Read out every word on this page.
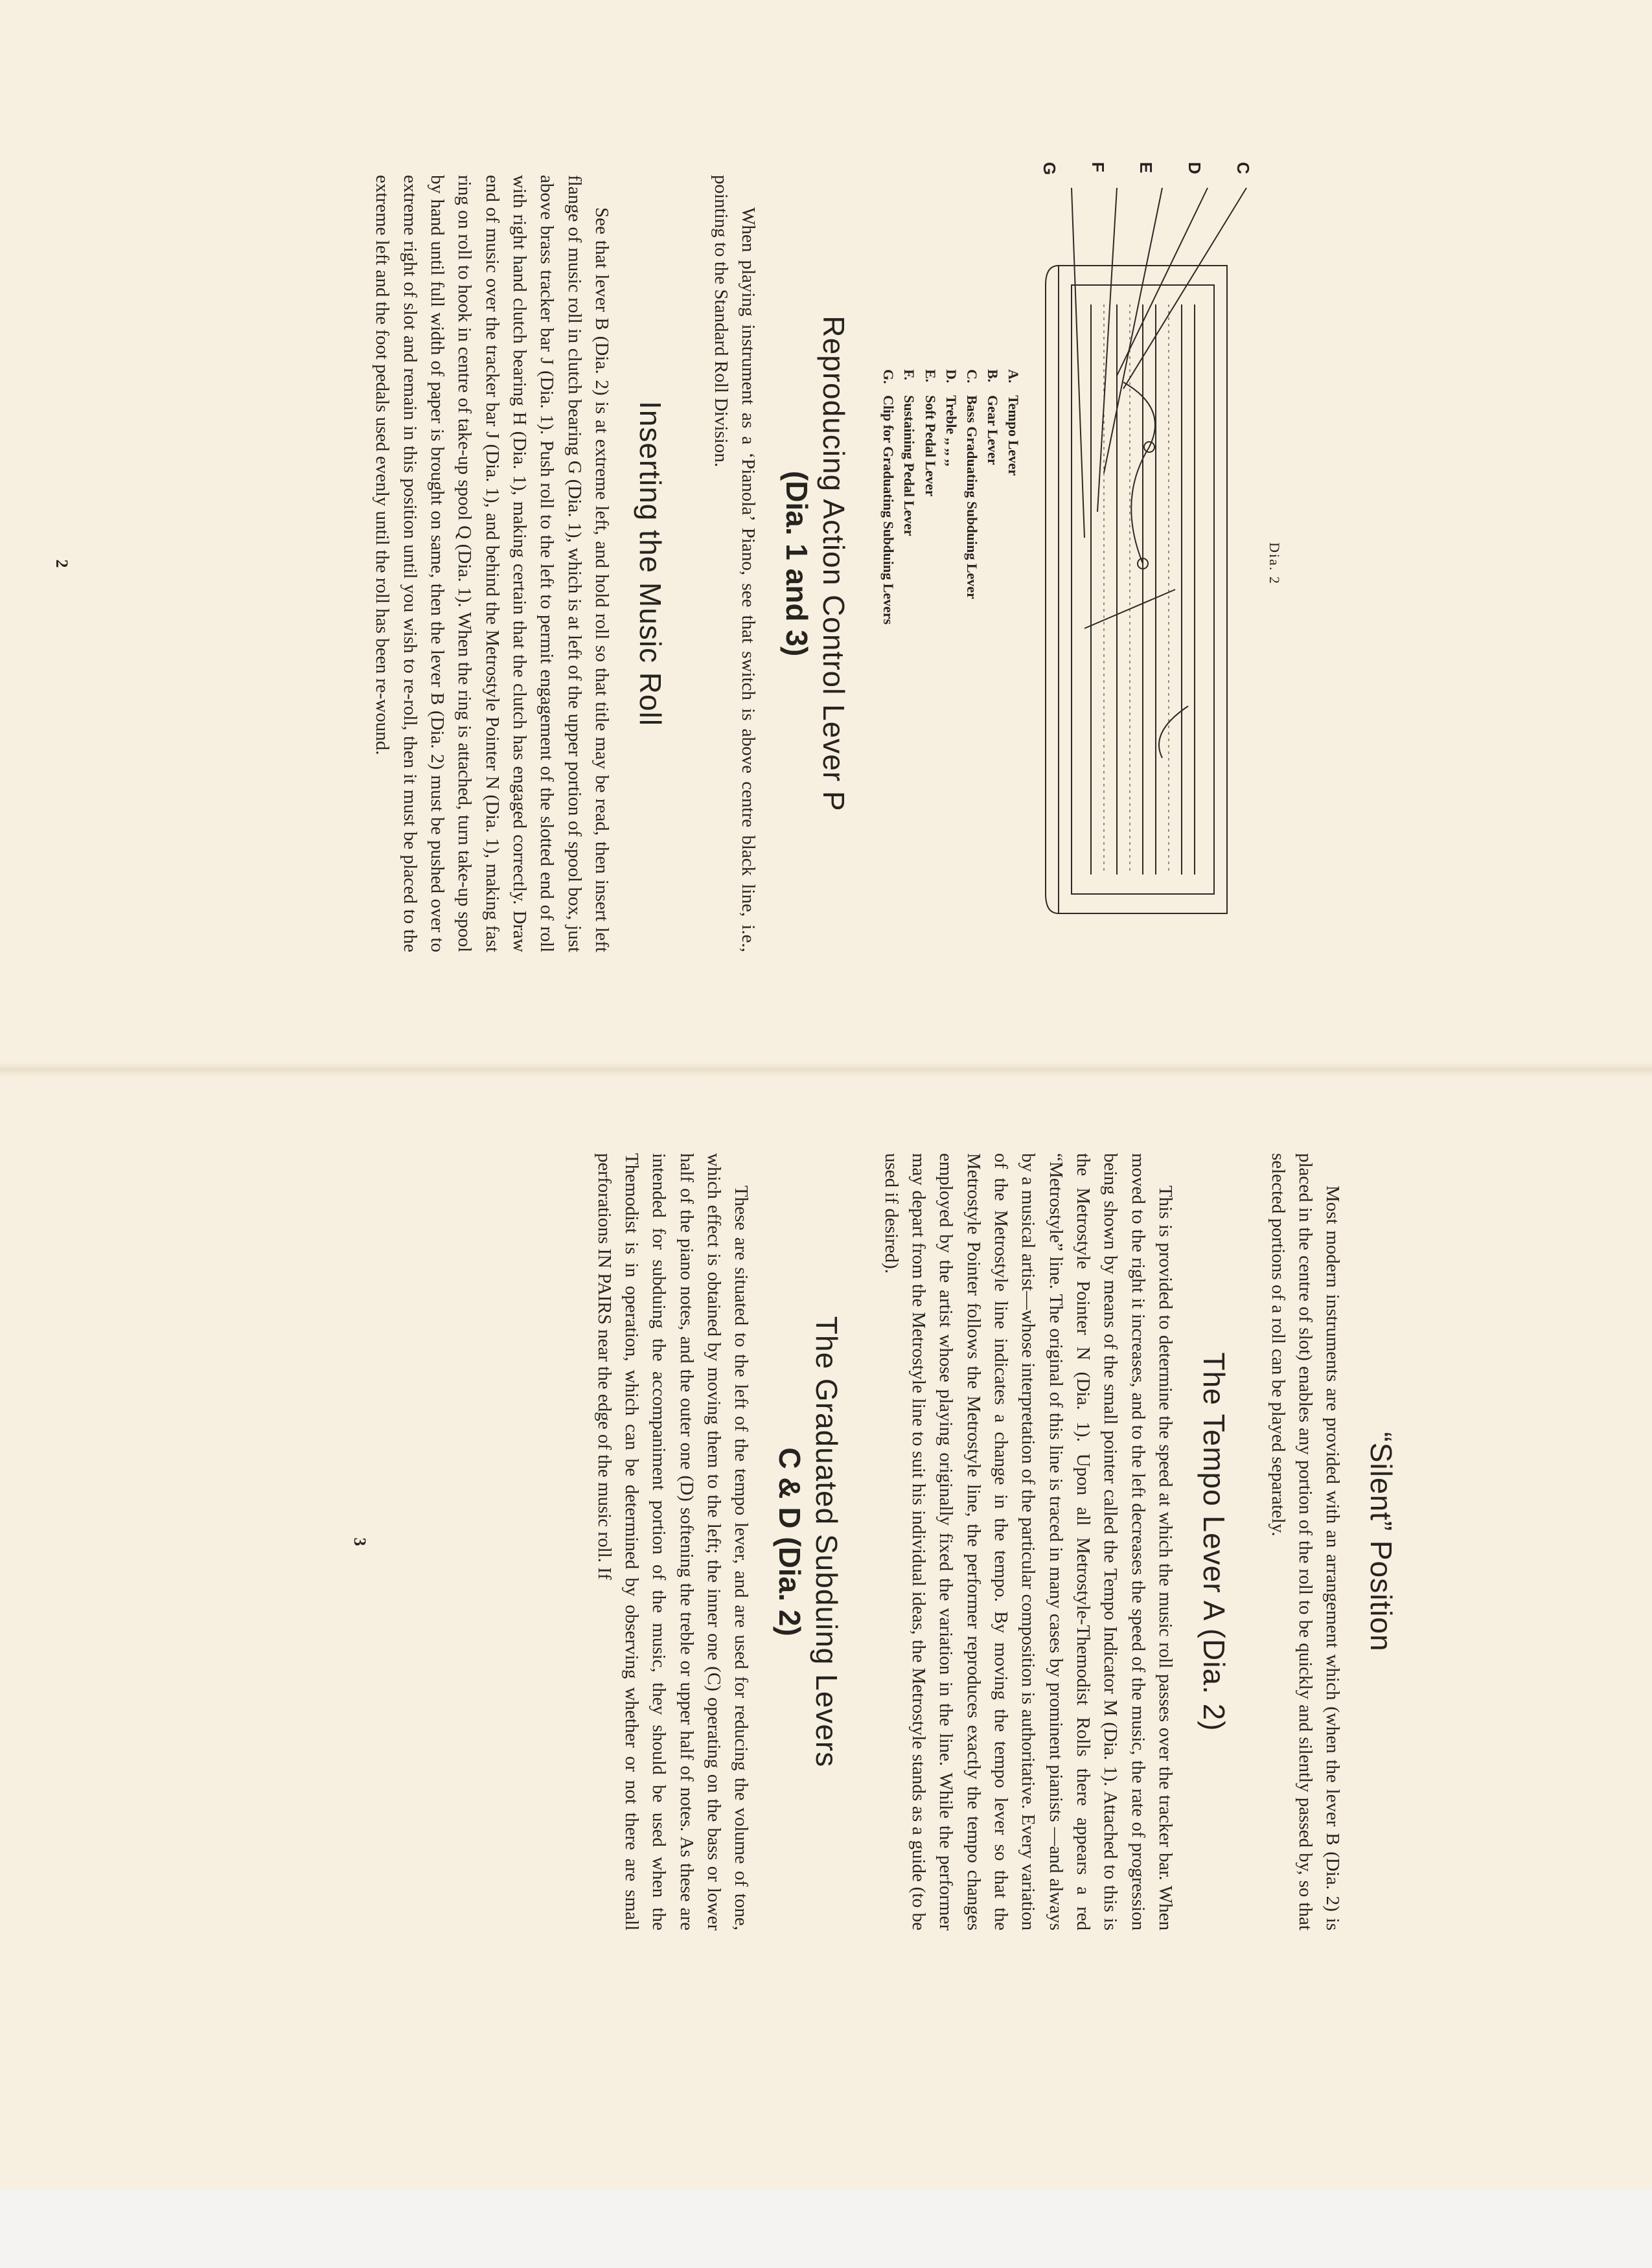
Dia. 2

C
D
E
F
G
A.
Tempo Lever
B.
Gear Lever
C.
Bass Graduating Subduing Lever
D.
Treble ,, ,, ,,
E.
Soft Pedal Lever
F.
Sustaining Pedal Lever
G.
Clip for Graduating Subduing Levers
Reproducing Action Control Lever P
(Dia. 1 and 3)

When playing instrument as a ‘Pianola’ Piano, see that switch is above centre black line, i.e., pointing to the Standard Roll Division.

Inserting the Music Roll

See that lever B (Dia. 2) is at extreme left, and hold roll so that title may be read, then insert left flange of music roll in clutch bearing G (Dia. 1), which is at left of the upper portion of spool box, just above brass tracker bar J (Dia. 1). Push roll to the left to permit engagement of the slotted end of roll with right hand clutch bearing H (Dia. 1), making certain that the clutch has engaged correctly. Draw end of music over the tracker bar J (Dia. 1), and behind the Metrostyle Pointer N (Dia. 1), making fast ring on roll to hook in centre of take-up spool Q (Dia. 1). When the ring is attached, turn take-up spool by hand until full width of paper is brought on same, then the lever B (Dia. 2) must be pushed over to extreme right of slot and remain in this position until you wish to re-roll, then it must be placed to the extreme left and the foot pedals used evenly until the roll has been re-wound.

2
“Silent” Position

Most modern instruments are provided with an arrangement which (when the lever B (Dia. 2) is placed in the centre of slot) enables any portion of the roll to be quickly and silently passed by, so that selected portions of a roll can be played separately.

The Tempo Lever A (Dia. 2)

This is provided to determine the speed at which the music roll passes over the tracker bar. When moved to the right it increases, and to the left decreases the speed of the music, the rate of progression being shown by means of the small pointer called the Tempo Indicator M (Dia. 1). Attached to this is the Metrostyle Pointer N (Dia. 1). Upon all Metrostyle-Themodist Rolls there appears a red “Metrostyle” line. The original of this line is traced in many cases by prominent pianists —and always by a musical artist—whose interpretation of the particular composition is authoritative. Every variation of the Metrostyle line indicates a change in the tempo. By moving the tempo lever so that the Metrostyle Pointer follows the Metrostyle line, the performer reproduces exactly the tempo changes employed by the artist whose playing originally fixed the variation in the line. While the performer may depart from the Metrostyle line to suit his individual ideas, the Metrostyle stands as a guide (to be used if desired).

The Graduated Subduing Levers
C & D (Dia. 2)

These are situated to the left of the tempo lever, and are used for reducing the volume of tone, which effect is obtained by moving them to the left; the inner one (C) operating on the bass or lower half of the piano notes, and the outer one (D) softening the treble or upper half of notes. As these are intended for subduing the accompaniment portion of the music, they should be used when the Themodist is in operation, which can be determined by observing whether or not there are small perforations IN PAIRS near the edge of the music roll. If

3
